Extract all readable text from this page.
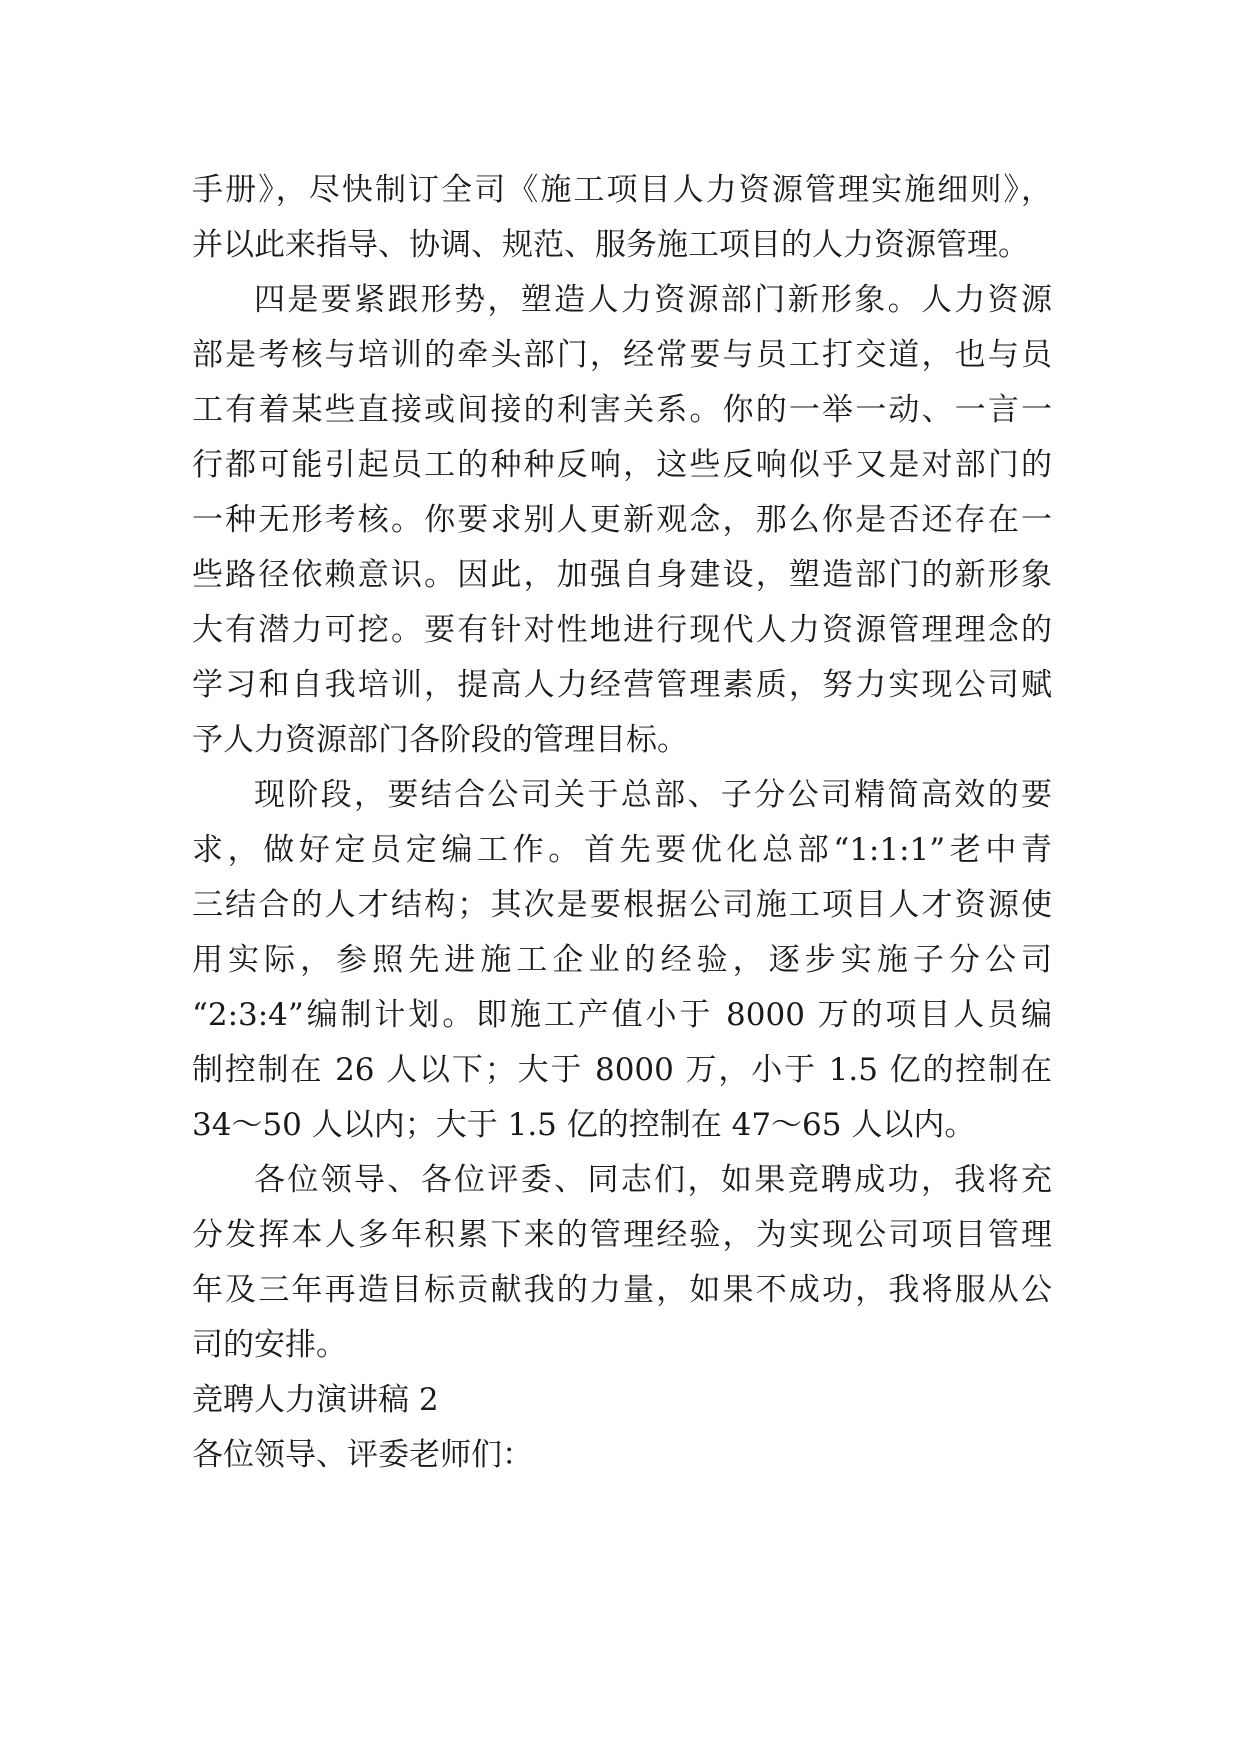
手册》，尽快制订全司《施工项目人力资源管理实施细则》，
并以此来指导、协调、规范、服务施工项目的人力资源管理。
四是要紧跟形势，塑造人力资源部门新形象。人力资源
部是考核与培训的牵头部门，经常要与员工打交道，也与员
工有着某些直接或间接的利害关系。你的一举一动、一言一
行都可能引起员工的种种反响，这些反响似乎又是对部门的
一种无形考核。你要求别人更新观念，那么你是否还存在一
些路径依赖意识。因此，加强自身建设，塑造部门的新形象
大有潜力可挖。要有针对性地进行现代人力资源管理理念的
学习和自我培训，提高人力经营管理素质，努力实现公司赋
予人力资源部门各阶段的管理目标。
现阶段，要结合公司关于总部、子分公司精简高效的要
求，做好定员定编工作。首先要优化总部“1:1:1”老中青
三结合的人才结构；其次是要根据公司施工项目人才资源使
用实际，参照先进施工企业的经验，逐步实施子分公司
“2:3:4”编制计划。即施工产值小于 8000 万的项目人员编
制控制在 26 人以下；大于 8000 万，小于 1.5 亿的控制在
34～50 人以内；大于 1.5 亿的控制在 47～65 人以内。
各位领导、各位评委、同志们，如果竞聘成功，我将充
分发挥本人多年积累下来的管理经验，为实现公司项目管理
年及三年再造目标贡献我的力量，如果不成功，我将服从公
司的安排。
竞聘人力演讲稿 2
各位领导、评委老师们：
